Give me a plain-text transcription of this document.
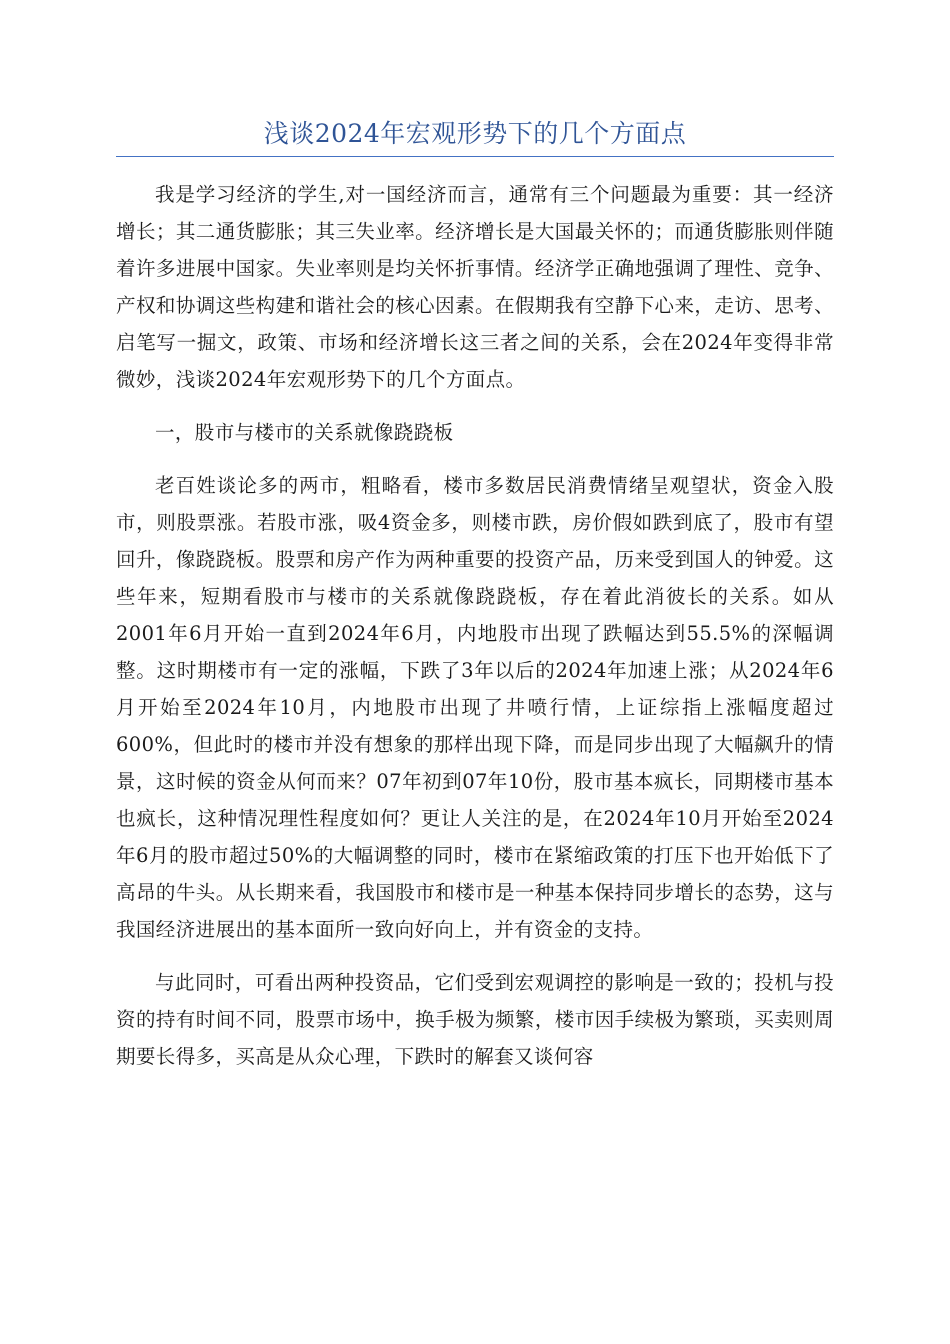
浅谈2024年宏观形势下的几个方面点

我是学习经济的学生,对一国经济而言，通常有三个问题最为重要：其一经济增长；其二通货膨胀；其三失业率。经济增长是大国最关怀的；而通货膨胀则伴随着许多进展中国家。失业率则是均关怀折事情。经济学正确地强调了理性、竞争、产权和协调这些构建和谐社会的核心因素。在假期我有空静下心来，走访、思考、启笔写一掘文，政策、市场和经济增长这三者之间的关系，会在2024年变得非常微妙，浅谈2024年宏观形势下的几个方面点。

一，股市与楼市的关系就像跷跷板

老百姓谈论多的两市，粗略看，楼市多数居民消费情绪呈观望状，资金入股市，则股票涨。若股市涨，吸4资金多，则楼市跌，房价假如跌到底了，股市有望回升，像跷跷板。股票和房产作为两种重要的投资产品，历来受到国人的钟爱。这些年来，短期看股市与楼市的关系就像跷跷板，存在着此消彼长的关系。如从2001年6月开始一直到2024年6月，内地股市出现了跌幅达到55.5%的深幅调整。这时期楼市有一定的涨幅，下跌了3年以后的2024年加速上涨；从2024年6月开始至2024年10月，内地股市出现了井喷行情，上证综指上涨幅度超过600%，但此时的楼市并没有想象的那样出现下降，而是同步出现了大幅飙升的情景，这时候的资金从何而来？07年初到07年10份，股市基本疯长，同期楼市基本也疯长，这种情况理性程度如何？更让人关注的是，在2024年10月开始至2024年6月的股市超过50%的大幅调整的同时，楼市在紧缩政策的打压下也开始低下了高昂的牛头。从长期来看，我国股市和楼市是一种基本保持同步增长的态势，这与我国经济进展出的基本面所一致向好向上，并有资金的支持。

与此同时，可看出两种投资品，它们受到宏观调控的影响是一致的；投机与投资的持有时间不同，股票市场中，换手极为频繁，楼市因手续极为繁琐，买卖则周期要长得多，买高是从众心理，下跌时的解套又谈何容
